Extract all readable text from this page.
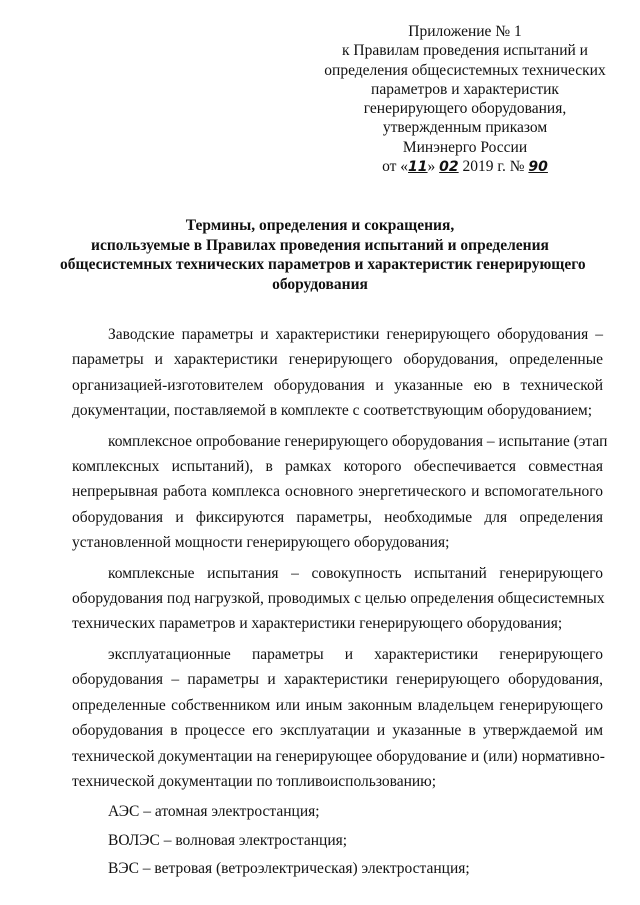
Приложение № 1
к Правилам проведения испытаний и
определения общесистемных технических
параметров и характеристик
генерирующего оборудования,
утвержденным приказом
Минэнерго России
от «11» 02 2019 г. № 90
Термины, определения и сокращения,
используемые в Правилах проведения испытаний и определения
общесистемных технических параметров и характеристик генерирующего
оборудования
Заводские параметры и характеристики генерирующего оборудования –
параметры и характеристики генерирующего оборудования, определенные
организацией-изготовителем оборудования и указанные ею в технической
документации, поставляемой в комплекте с соответствующим оборудованием;
комплексное опробование генерирующего оборудования – испытание (этап
комплексных испытаний), в рамках которого обеспечивается совместная
непрерывная работа комплекса основного энергетического и вспомогательного
оборудования и фиксируются параметры, необходимые для определения
установленной мощности генерирующего оборудования;
комплексные испытания – совокупность испытаний генерирующего
оборудования под нагрузкой, проводимых с целью определения общесистемных
технических параметров и характеристики генерирующего оборудования;
эксплуатационные параметры и характеристики генерирующего
оборудования – параметры и характеристики генерирующего оборудования,
определенные собственником или иным законным владельцем генерирующего
оборудования в процессе его эксплуатации и указанные в утверждаемой им
технической документации на генерирующее оборудование и (или) нормативно-
технической документации по топливоиспользованию;
АЭС – атомная электростанция;
ВОЛЭС – волновая электростанция;
ВЭС – ветровая (ветроэлектрическая) электростанция;
